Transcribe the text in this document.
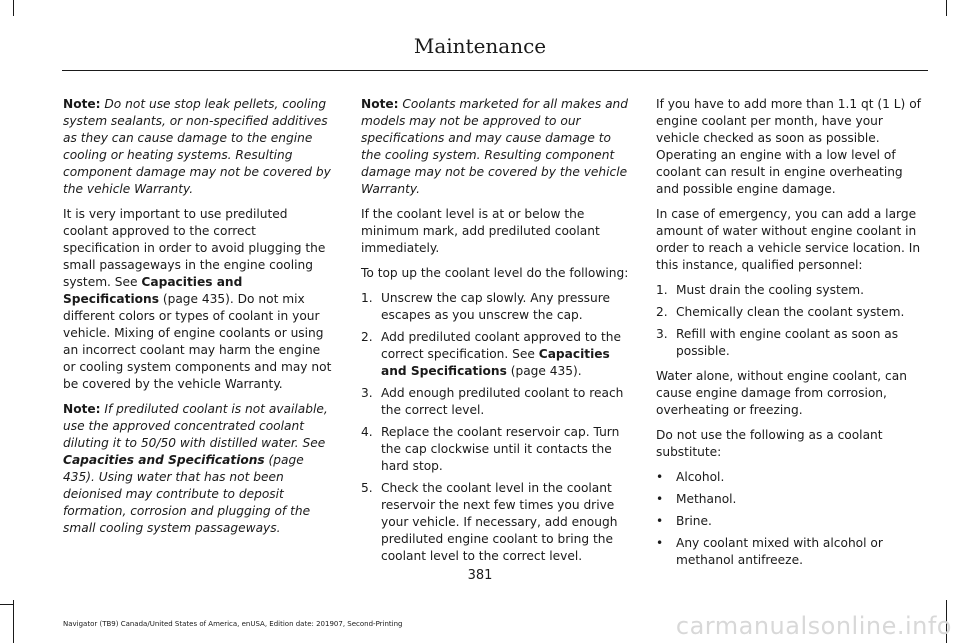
Maintenance

Note: Do not use stop leak pellets, cooling system sealants, or non-specified additives as they can cause damage to the engine cooling or heating systems. Resulting component damage may not be covered by the vehicle Warranty.

It is very important to use prediluted coolant approved to the correct specification in order to avoid plugging the small passageways in the engine cooling system. See Capacities and Specifications (page 435). Do not mix different colors or types of coolant in your vehicle. Mixing of engine coolants or using an incorrect coolant may harm the engine or cooling system components and may not be covered by the vehicle Warranty.

Note: If prediluted coolant is not available, use the approved concentrated coolant diluting it to 50/50 with distilled water. See Capacities and Specifications (page 435). Using water that has not been deionised may contribute to deposit formation, corrosion and plugging of the small cooling system passageways.

Note: Coolants marketed for all makes and models may not be approved to our specifications and may cause damage to the cooling system. Resulting component damage may not be covered by the vehicle Warranty.

If the coolant level is at or below the minimum mark, add prediluted coolant immediately.

To top up the coolant level do the following:

1. Unscrew the cap slowly. Any pressure escapes as you unscrew the cap.
2. Add prediluted coolant approved to the correct specification. See Capacities and Specifications (page 435).
3. Add enough prediluted coolant to reach the correct level.
4. Replace the coolant reservoir cap. Turn the cap clockwise until it contacts the hard stop.
5. Check the coolant level in the coolant reservoir the next few times you drive your vehicle. If necessary, add enough prediluted engine coolant to bring the coolant level to the correct level.

If you have to add more than 1.1 qt (1 L) of engine coolant per month, have your vehicle checked as soon as possible. Operating an engine with a low level of coolant can result in engine overheating and possible engine damage.

In case of emergency, you can add a large amount of water without engine coolant in order to reach a vehicle service location. In this instance, qualified personnel:

1. Must drain the cooling system.
2. Chemically clean the coolant system.
3. Refill with engine coolant as soon as possible.

Water alone, without engine coolant, can cause engine damage from corrosion, overheating or freezing.

Do not use the following as a coolant substitute:

•	Alcohol.
•	Methanol.
•	Brine.
•	Any coolant mixed with alcohol or methanol antifreeze.
381
Navigator (TB9) Canada/United States of America, enUSA, Edition date: 201907, Second-Printing	carmanualsonline.info
